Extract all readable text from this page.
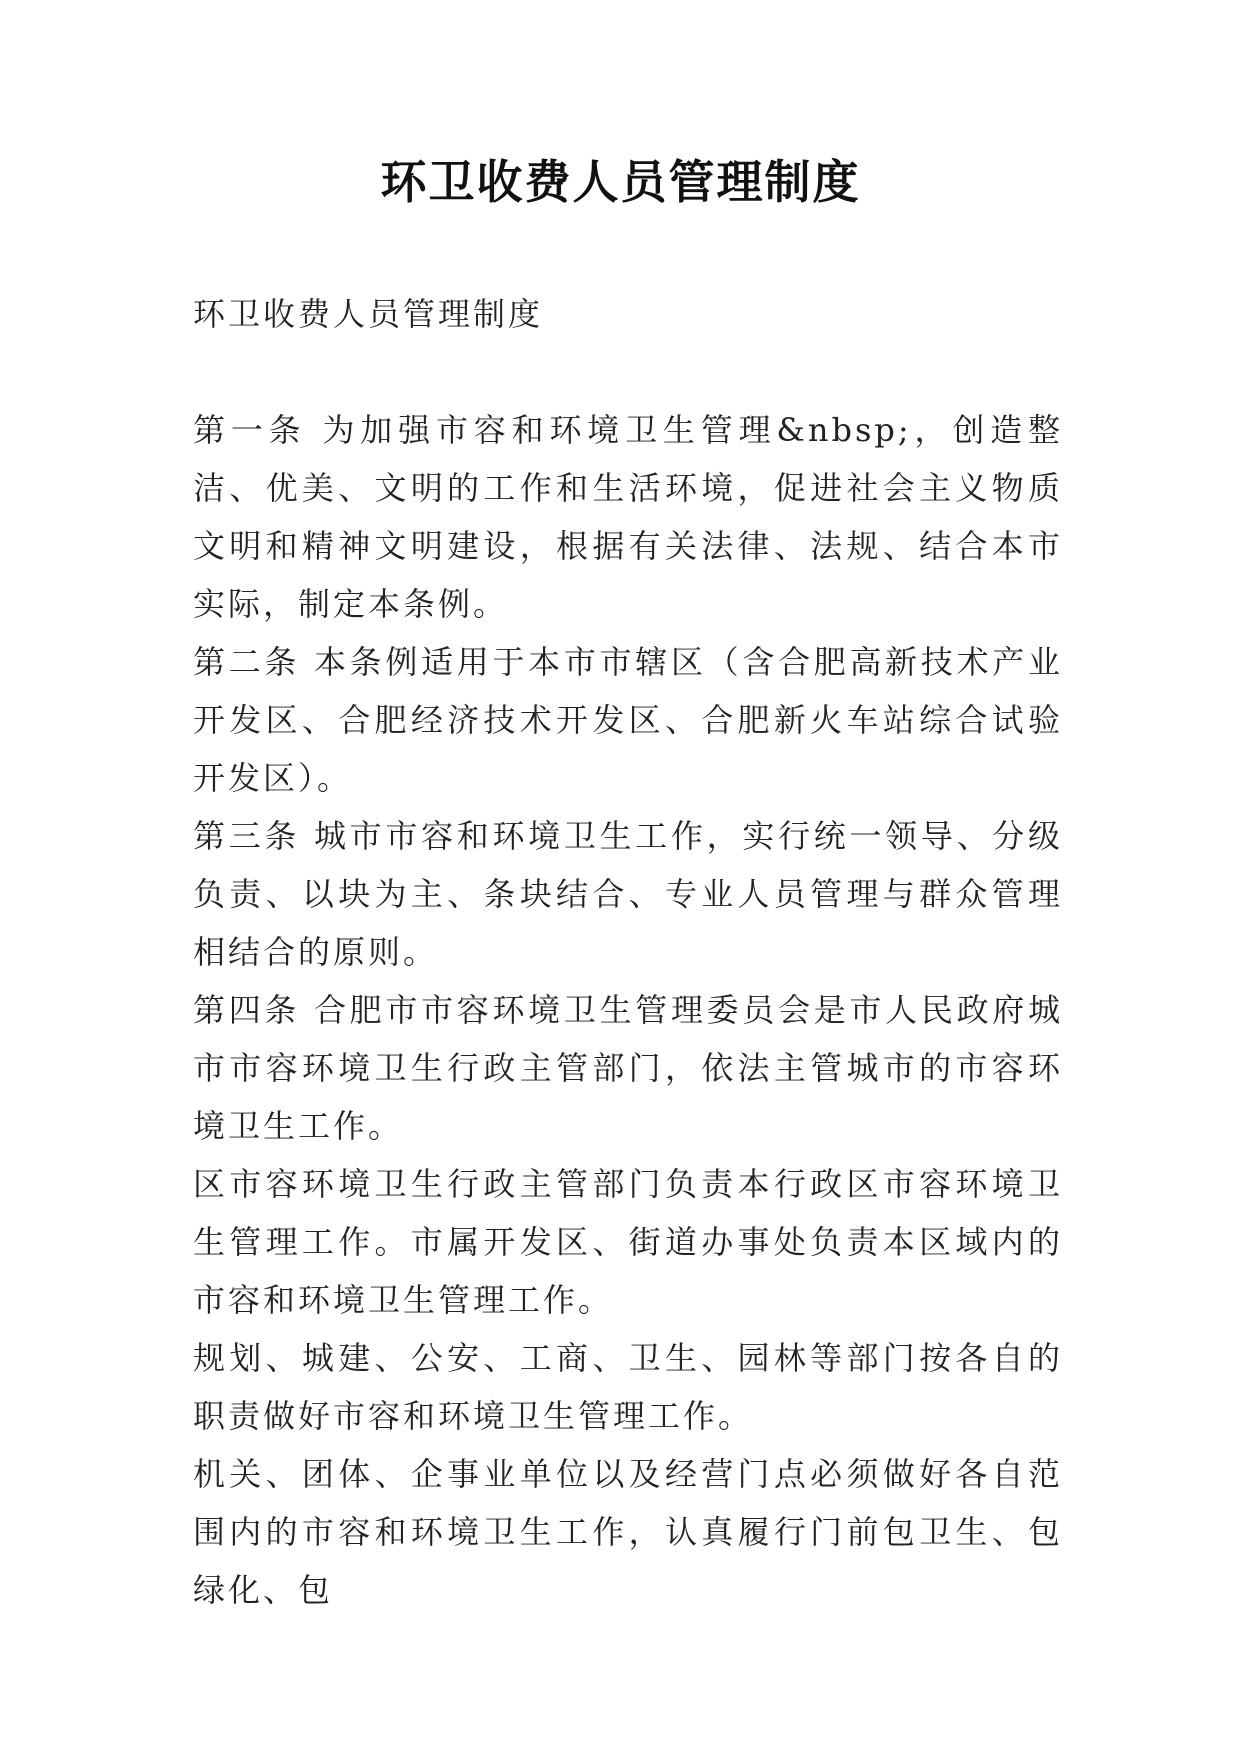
环卫收费人员管理制度

环卫收费人员管理制度

第一条 为加强市容和环境卫生管理&nbsp;，创造整洁、优美、文明的工作和生活环境，促进社会主义物质文明和精神文明建设，根据有关法律、法规、结合本市实际，制定本条例。

第二条 本条例适用于本市市辖区（含合肥高新技术产业开发区、合肥经济技术开发区、合肥新火车站综合试验开发区）。

第三条 城市市容和环境卫生工作，实行统一领导、分级负责、以块为主、条块结合、专业人员管理与群众管理相结合的原则。

第四条 合肥市市容环境卫生管理委员会是市人民政府城市市容环境卫生行政主管部门，依法主管城市的市容环境卫生工作。

区市容环境卫生行政主管部门负责本行政区市容环境卫生管理工作。市属开发区、街道办事处负责本区域内的市容和环境卫生管理工作。

规划、城建、公安、工商、卫生、园林等部门按各自的职责做好市容和环境卫生管理工作。

机关、团体、企事业单位以及经营门点必须做好各自范围内的市容和环境卫生工作，认真履行门前包卫生、包绿化、包
